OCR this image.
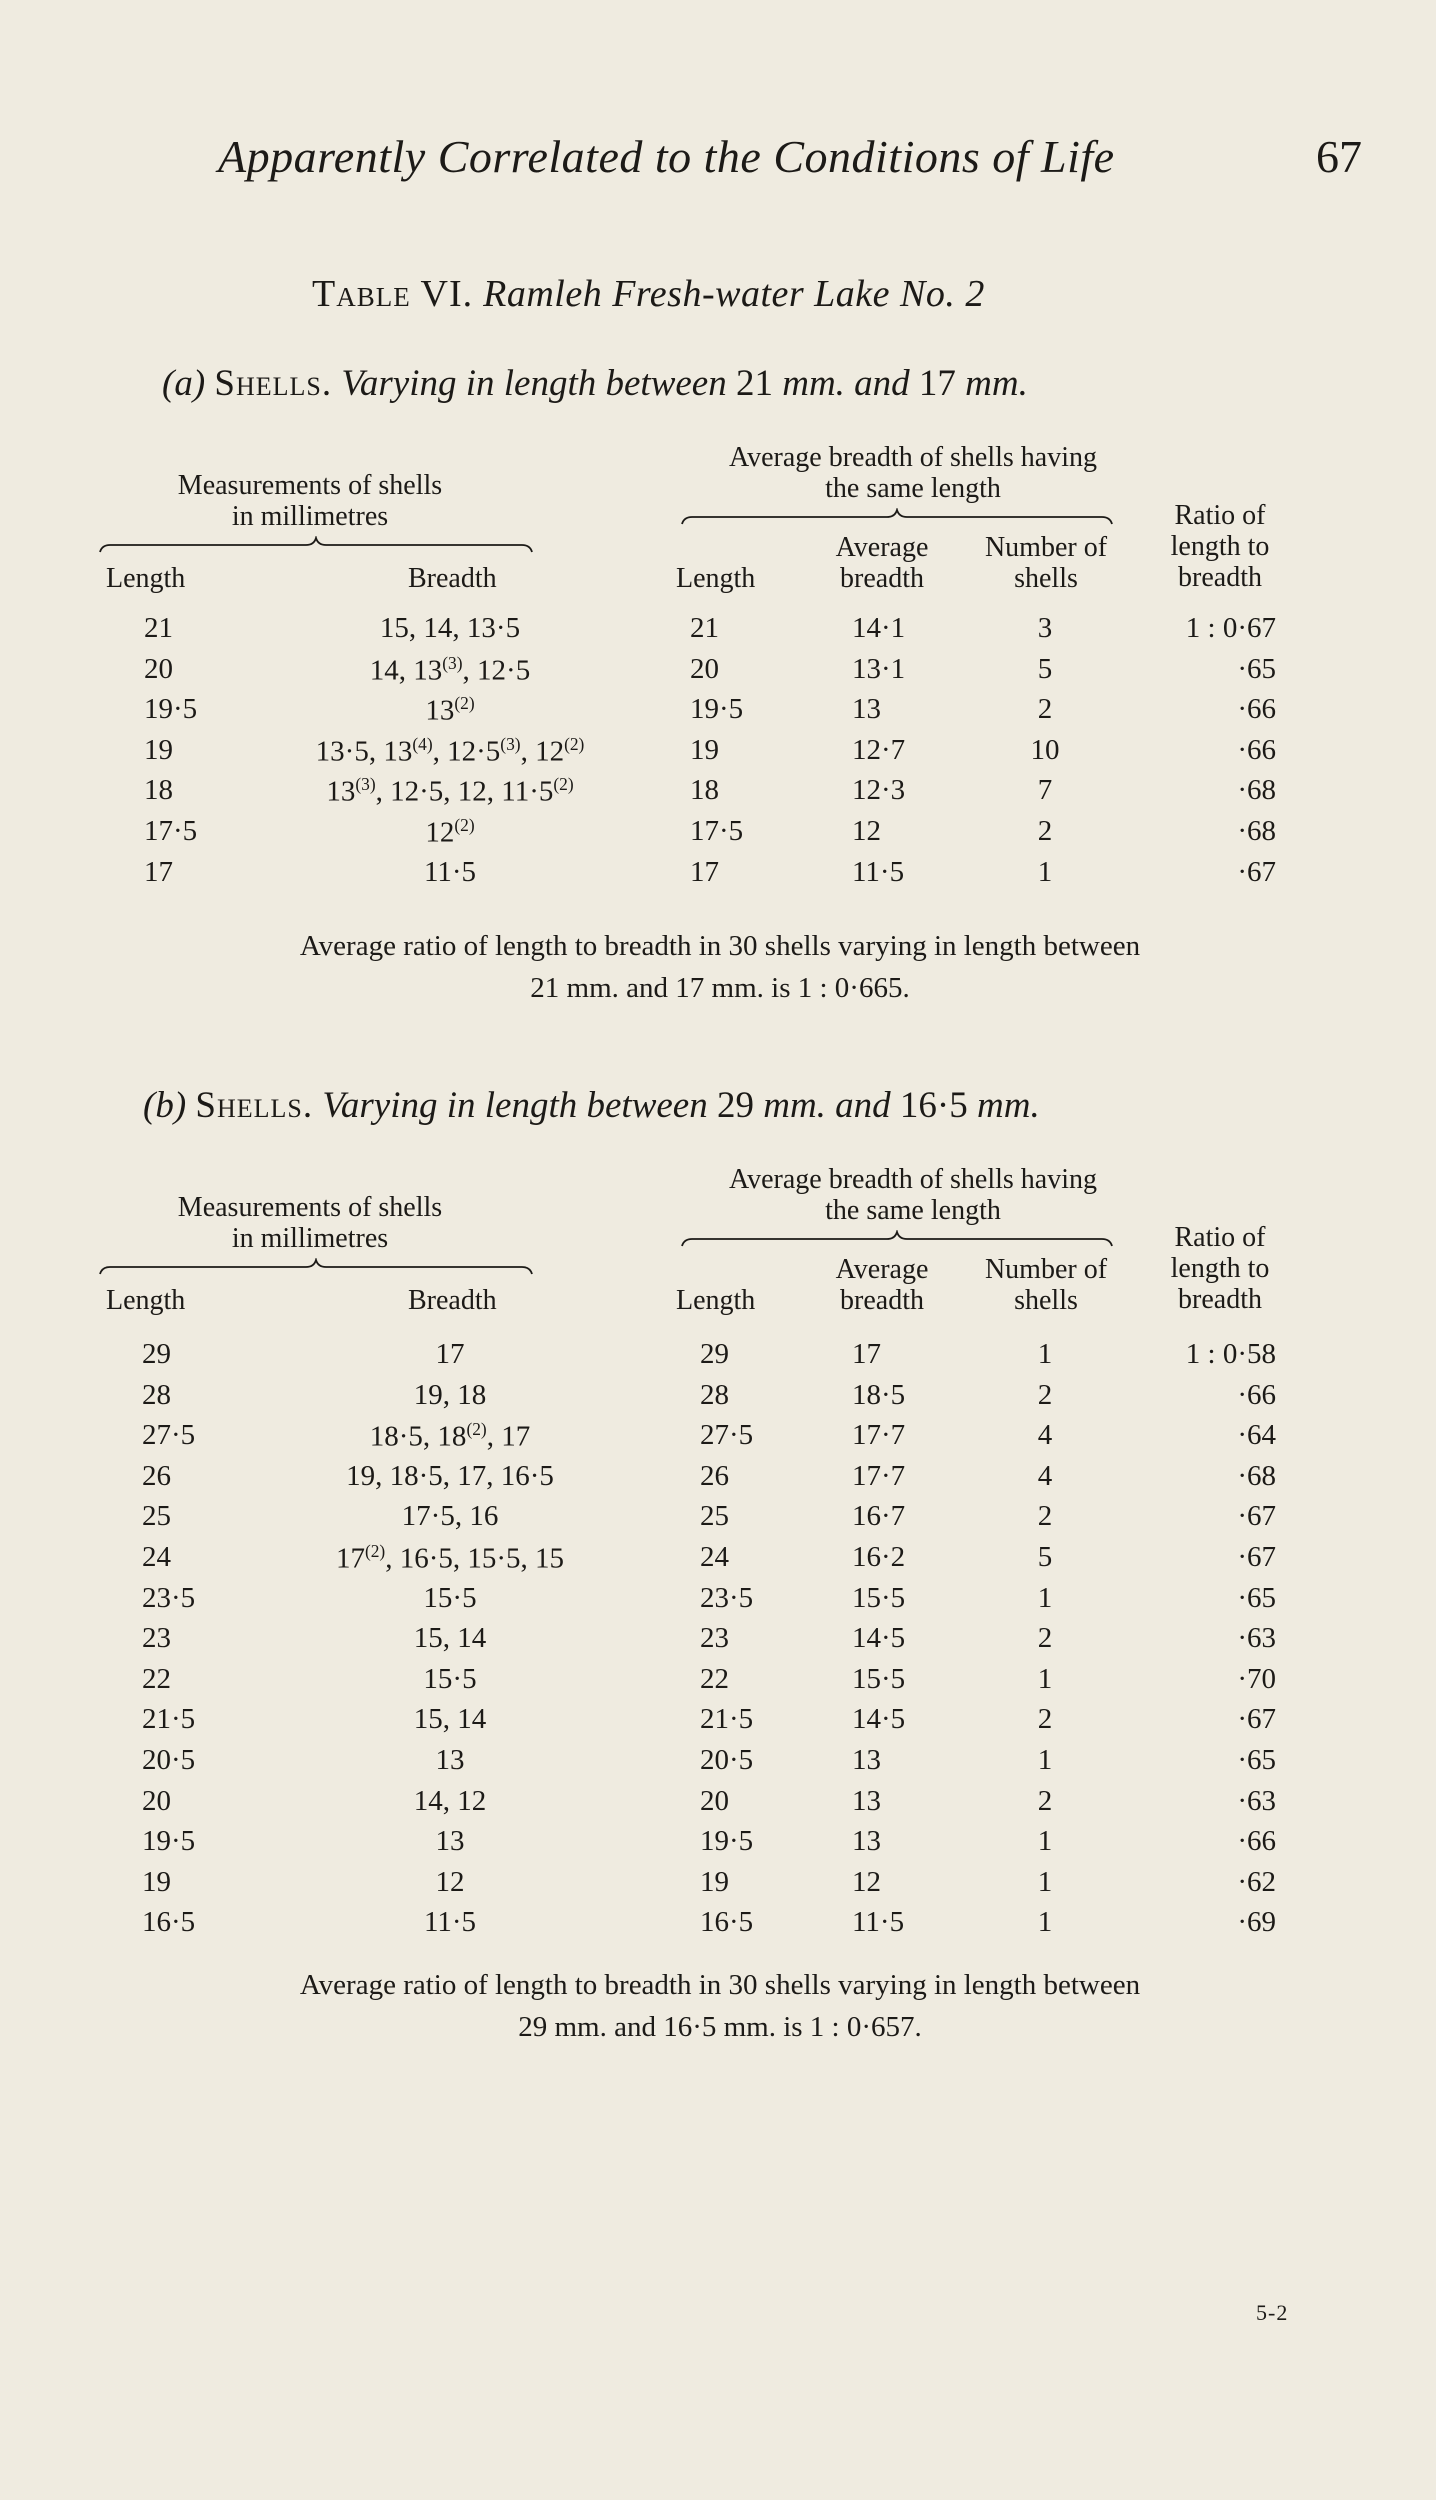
Apparently Correlated to the Conditions of Life	67
Table VI. Ramleh Fresh-water Lake No. 2
(a) Shells. Varying in length between 21 mm. and 17 mm.
(b) Shells. Varying in length between 29 mm. and 16·5 mm.
5-2
Measurements of shells
in millimetres
Average breadth of shells having
the same length
Ratio of
length to
breadth
Average
breadth
Number of
shells
Length	Breadth	Length
21	15, 14, 13·5	21	14·1	3	1 : 0·67
20	14, 13$^{(3)}$, 12·5	20	13·1	5	·65
19·5	13$^{(2)}$	19·5	13	2	·66
19	13·5, 13$^{(4)}$, $12\cdot 5^{(3)}$, 12$^{(2)}$	19	12·7	10	·66
18	13$^{(3)}$, 12·5, 12, $11\cdot 5^{(2)}$	18	12·3	7	·68
17·5	12$^{(2)}$	17·5	12	2	·68
17	11·5	17	11·5	1	·67
Average ratio of length to breadth in 30 shells varying in length between
21 mm. and 17 mm. is 1 : 0·665.
Measurements of shells
in millimetres
Average breadth of shells having
the same length
Ratio of
length to
breadth
Average
breadth
Number of
shells
Length	Breadth	Length
29	17	29	17	1	1 : 0·58
28	19, 18	28	18·5	2	·66
27·5	18·5, 18$^{(2)}$, 17	27·5	17·7	4	·64
26	19, 18·5, 17, 16·5	26	17·7	4	·68
25	17·5, 16	25	16·7	2	·67
24	17$^{(2)}$, 16·5, 15·5, 15	24	16·2	5	·67
23·5	15·5	23·5	15·5	1	·65
23	15, 14	23	14·5	2	·63
22	15·5	22	15·5	1	·70
21·5	15, 14	21·5	14·5	2	·67
20·5	13	20·5	13	1	·65
20	14, 12	20	13	2	·63
19·5	13	19·5	13	1	·66
19	12	19	12	1	·62
16·5	11·5	16·5	11·5	1	·69
Average ratio of length to breadth in 30 shells varying in length between
29 mm. and 16·5 mm. is 1 : 0·657.
